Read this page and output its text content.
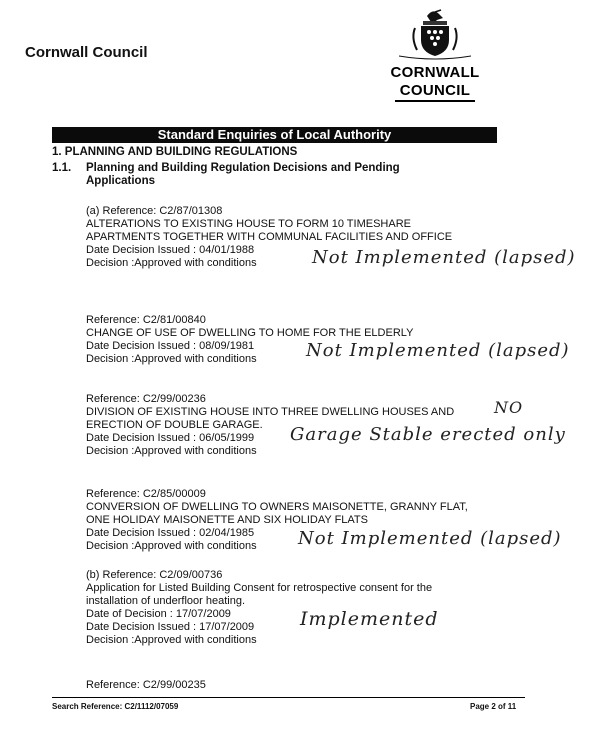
Cornwall Council
CORNWALL
COUNCIL
Standard Enquiries of Local Authority
1. PLANNING AND BUILDING REGULATIONS
1.1. Planning and Building Regulation Decisions and Pending Applications
(a) Reference: C2/87/01308
ALTERATIONS TO EXISTING HOUSE TO FORM 10 TIMESHARE
APARTMENTS TOGETHER WITH COMMUNAL FACILITIES AND OFFICE
Date Decision Issued : 04/01/1988
Decision :Approved with conditions	Not Implemented (lapsed)
Reference: C2/81/00840
CHANGE OF USE OF DWELLING TO HOME FOR THE ELDERLY
Date Decision Issued : 08/09/1981
Decision :Approved with conditions	Not Implemented (lapsed)
Reference: C2/99/00236
DIVISION OF EXISTING HOUSE INTO THREE DWELLING HOUSES AND
ERECTION OF DOUBLE GARAGE.
Date Decision Issued : 06/05/1999
Decision :Approved with conditions
NO
Garage Stable erected only
Reference: C2/85/00009
CONVERSION OF DWELLING TO OWNERS MAISONETTE, GRANNY FLAT,
ONE HOLIDAY MAISONETTE AND SIX HOLIDAY FLATS
Date Decision Issued : 02/04/1985
Decision :Approved with conditions	Not Implemented (lapsed)
(b) Reference: C2/09/00736
Application for Listed Building Consent for retrospective consent for the
installation of underfloor heating.
Date of Decision : 17/07/2009
Date Decision Issued : 17/07/2009
Decision :Approved with conditions
Implemented
Reference: C2/99/00235
Search Reference: C2/1112/07059	Page 2 of 11
